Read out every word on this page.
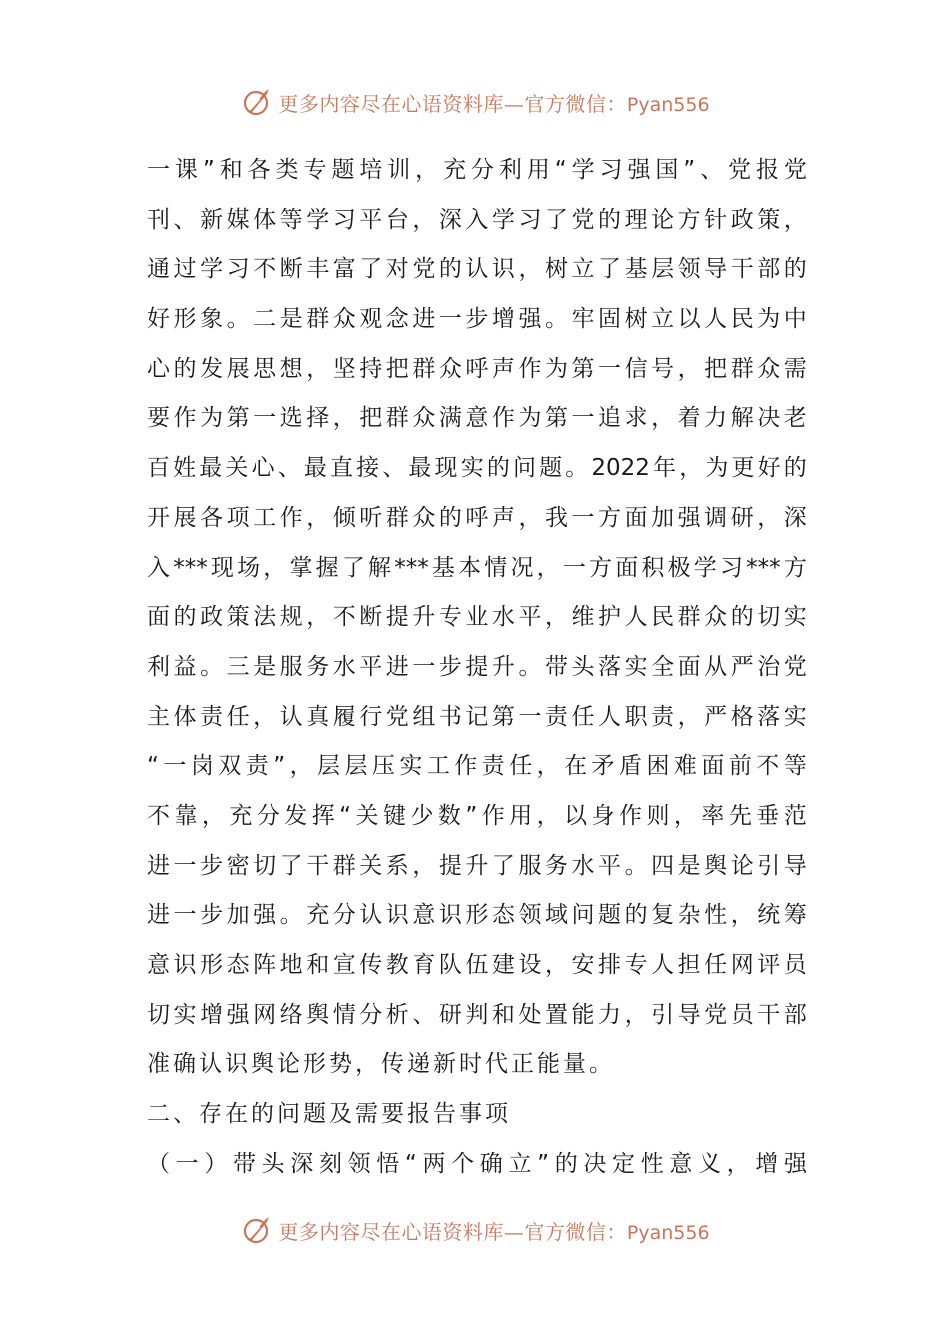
更多内容尽在心语资料库—官方微信：Pyan556
一 课 ” 和 各 类 专 题 培 训 ， 充 分 利 用 “ 学 习 强 国 ” 、 党 报 党
刊 、 新 媒 体 等 学 习 平 台 ， 深 入 学 习 了 党 的 理 论 方 针 政 策 ，
通 过 学 习 不 断 丰 富 了 对 党 的 认 识 ， 树 立 了 基 层 领 导 干 部 的
好 形 象 。 二 是 群 众 观 念 进 一 步 增 强 。 牢 固 树 立 以 人 民 为 中
心 的 发 展 思 想 ， 坚 持 把 群 众 呼 声 作 为 第 一 信 号 ， 把 群 众 需
要 作 为 第 一 选 择 ， 把 群 众 满 意 作 为 第 一 追 求 ， 着 力 解 决 老
百 姓 最 关 心 、 最 直 接 、 最 现 实 的 问 题 。 2022 年 ， 为 更 好 的
开 展 各 项 工 作 ， 倾 听 群 众 的 呼 声 ， 我 一 方 面 加 强 调 研 ， 深
入 *** 现 场 ， 掌 握 了 解 *** 基 本 情 况 ， 一 方 面 积 极 学 习 *** 方
面 的 政 策 法 规 ， 不 断 提 升 专 业 水 平 ， 维 护 人 民 群 众 的 切 实
利 益 。 三 是 服 务 水 平 进 一 步 提 升 。 带 头 落 实 全 面 从 严 治 党
主 体 责 任 ， 认 真 履 行 党 组 书 记 第 一 责 任 人 职 责 ， 严 格 落 实
“ 一 岗 双 责 ” ， 层 层 压 实 工 作 责 任 ， 在 矛 盾 困 难 面 前 不 等
不 靠 ， 充 分 发 挥 “ 关 键 少 数 ” 作 用 ， 以 身 作 则 ， 率 先 垂 范
进 一 步 密 切 了 干 群 关 系 ， 提 升 了 服 务 水 平 。 四 是 舆 论 引 导
进 一 步 加 强 。 充 分 认 识 意 识 形 态 领 域 问 题 的 复 杂 性 ， 统 筹
意 识 形 态 阵 地 和 宣 传 教 育 队 伍 建 设 ， 安 排 专 人 担 任 网 评 员
切 实 增 强 网 络 舆 情 分 析 、 研 判 和 处 置 能 力 ， 引 导 党 员 干 部
准确认识舆论形势，传递新时代正能量。
二、存在的问题及需要报告事项
（ 一 ） 带 头 深 刻 领 悟 “ 两 个 确 立 ” 的 决 定 性 意 义 ， 增 强
更多内容尽在心语资料库—官方微信：Pyan556
